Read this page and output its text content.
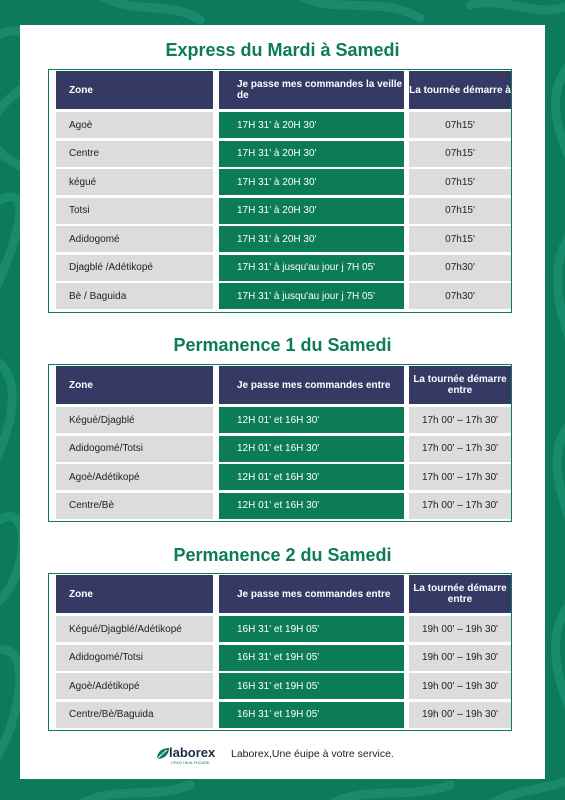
Express du Mardi à Samedi
Zone	Je passe mes commandes la veille de	La tournée démarre à
Agoè	17H 31' à 20H 30'	07h15'
Centre	17H 31' à 20H 30'	07h15'
kégué	17H 31' à 20H 30'	07h15'
Totsi	17H 31' à 20H 30'	07h15'
Adidogomé	17H 31' à 20H 30'	07h15'
Djagblé /Adétikopé	17H 31' à jusqu'au jour j 7H 05'	07h30'
Bè / Baguida	17H 31' à jusqu'au jour j 7H 05'	07h30'
Permanence 1 du Samedi
Zone	Je passe mes commandes entre	La tournée démarre entre
Kégué/Djagblé	12H 01' et 16H 30'	17h 00' – 17h 30'
Adidogomé/Totsi	12H 01' et 16H 30'	17h 00' – 17h 30'
Agoè/Adétikopé	12H 01' et 16H 30'	17h 00' – 17h 30'
Centre/Bè	12H 01' et 16H 30'	17h 00' – 17h 30'
Permanence 2 du Samedi
Zone	Je passe mes commandes entre	La tournée démarre entre
Kégué/Djagblé/Adétikopé	16H 31' et 19H 05'	19h 00' – 19h 30'
Adidogomé/Totsi	16H 31' et 19H 05'	19h 00' – 19h 30'
Agoè/Adétikopé	16H 31' et 19H 05'	19h 00' – 19h 30'
Centre/Bè/Baguida	16H 31' et 19H 05'	19h 00' – 19h 30'
laborex
CFAO HEALTHCARE
Laborex,Une éuipe à votre service.
